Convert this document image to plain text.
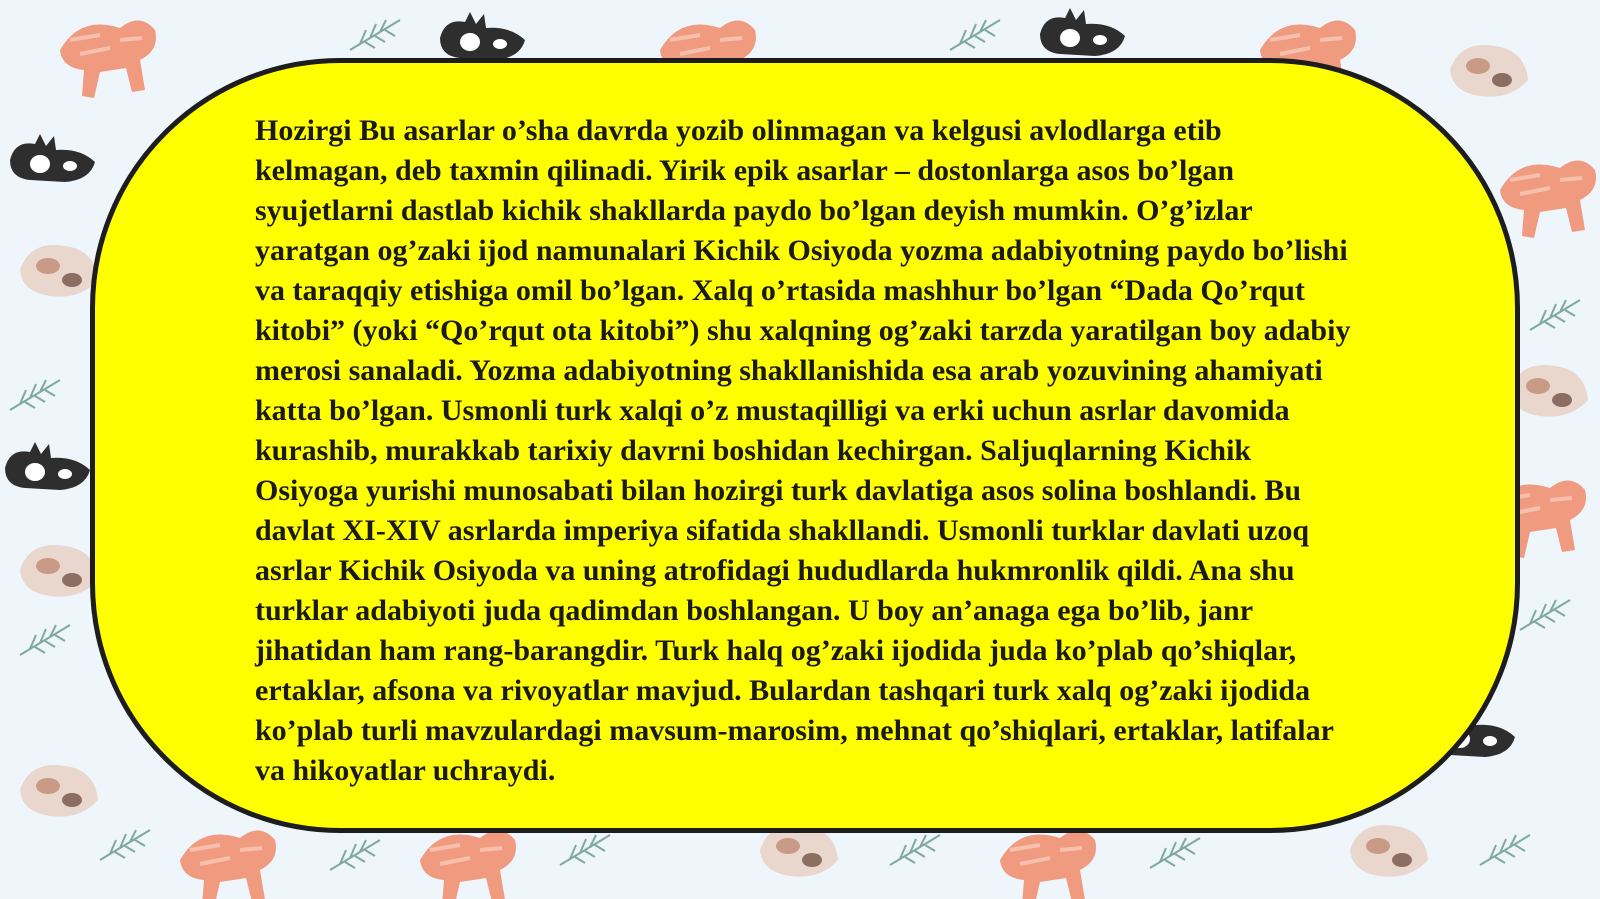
Hozirgi Bu asarlar o’sha davrda yozib olinmagan va kelgusi avlodlarga etib
kelmagan, deb taxmin qilinadi. Yirik epik asarlar – dostonlarga asos bo’lgan
syujetlarni dastlab kichik shakllarda paydo bo’lgan deyish mumkin. O’g’izlar
yaratgan og’zaki ijod namunalari Kichik Osiyoda yozma adabiyotning paydo bo’lishi
va taraqqiy etishiga omil bo’lgan. Xalq o’rtasida mashhur bo’lgan “Dada Qo’rqut
kitobi” (yoki “Qo’rqut ota kitobi”) shu xalqning og’zaki tarzda yaratilgan boy adabiy
merosi sanaladi. Yozma adabiyotning shakllanishida esa arab yozuvining ahamiyati
katta bo’lgan. Usmonli turk xalqi o’z mustaqilligi va erki uchun asrlar davomida
kurashib, murakkab tarixiy davrni boshidan kechirgan. Saljuqlarning Kichik
Osiyoga yurishi munosabati bilan hozirgi turk davlatiga asos solina boshlandi. Bu
davlat XI-XIV asrlarda imperiya sifatida shakllandi. Usmonli turklar davlati uzoq
asrlar Kichik Osiyoda va uning atrofidagi hududlarda hukmronlik qildi. Ana shu
turklar adabiyoti juda qadimdan boshlangan. U boy an’anaga ega bo’lib, janr
jihatidan ham rang-barangdir. Turk halq og’zaki ijodida juda ko’plab qo’shiqlar,
ertaklar, afsona va rivoyatlar mavjud. Bulardan tashqari turk xalq og’zaki ijodida
ko’plab turli mavzulardagi mavsum-marosim, mehnat qo’shiqlari, ertaklar, latifalar
va hikoyatlar uchraydi.
